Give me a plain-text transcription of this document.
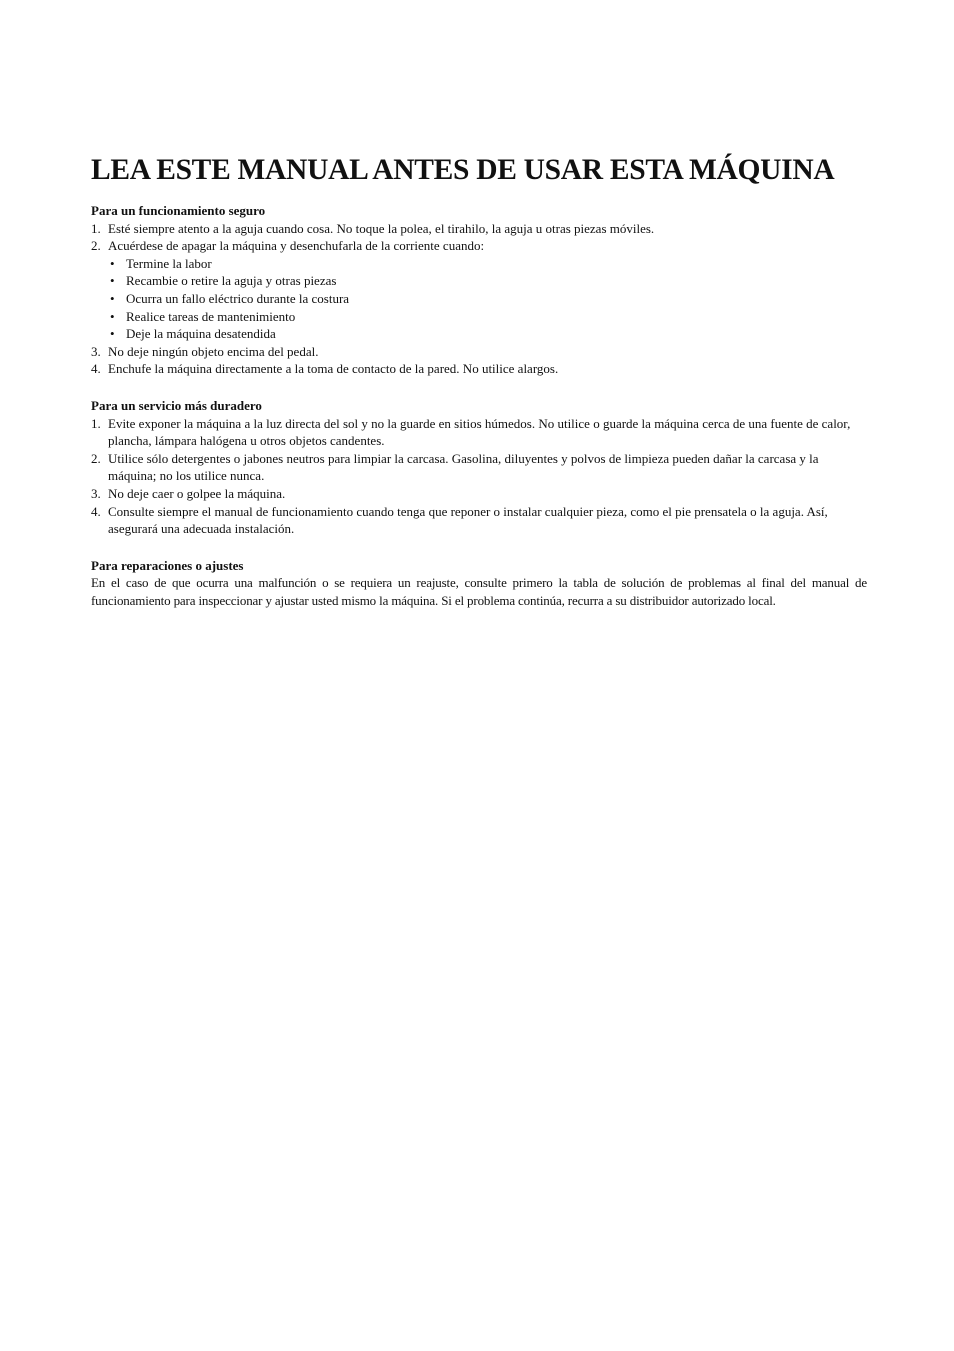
LEA ESTE MANUAL ANTES DE USAR ESTA MÁQUINA

Para un funcionamiento seguro

1. Esté siempre atento a la aguja cuando cosa. No toque la polea, el tirahilo, la aguja u otras piezas móviles.
2. Acuérdese de apagar la máquina y desenchufarla de la corriente cuando:
• Termine la labor
• Recambie o retire la aguja y otras piezas
• Ocurra un fallo eléctrico durante la costura
• Realice tareas de mantenimiento
• Deje la máquina desatendida
3. No deje ningún objeto encima del pedal.
4. Enchufe la máquina directamente a la toma de contacto de la pared. No utilice alargos.

Para un servicio más duradero

1. Evite exponer la máquina a la luz directa del sol y no la guarde en sitios húmedos. No utilice o guarde la máquina cerca de una fuente de calor, plancha, lámpara halógena u otros objetos candentes.
2. Utilice sólo detergentes o jabones neutros para limpiar la carcasa. Gasolina, diluyentes y polvos de limpieza pueden dañar la carcasa y la máquina; no los utilice nunca.
3. No deje caer o golpee la máquina.
4. Consulte siempre el manual de funcionamiento cuando tenga que reponer o instalar cualquier pieza, como el pie prensatela o la aguja. Así, asegurará una adecuada instalación.

Para reparaciones o ajustes

En el caso de que ocurra una malfunción o se requiera un reajuste, consulte primero la tabla de solución de problemas al final del manual de funcionamiento para inspeccionar y ajustar usted mismo la máquina. Si el problema continúa, recurra a su distribuidor autorizado local.
